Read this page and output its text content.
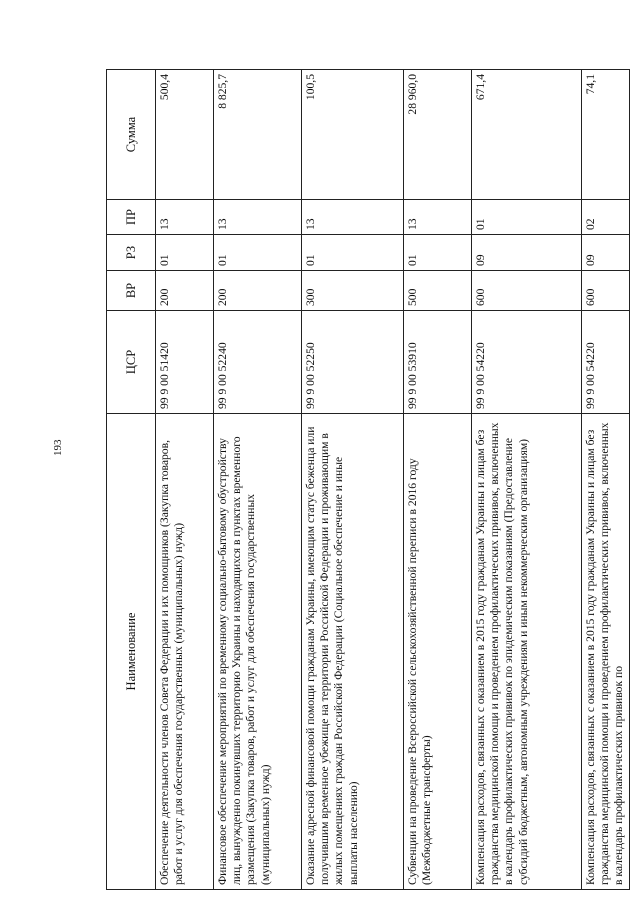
193
Наименование	ЦСР	ВР	РЗ	ПР	Сумма
Обеспечение деятельности членов Совета Федерации и их помощников (Закупка товаров, работ и услуг для обеспечения государственных (муниципальных) нужд)	99 9 00 51420	200	01	13	500,4
Финансовое обеспечение мероприятий по временному социально-бытовому обустройству лиц, вынужденно покинувших территорию Украины и находящихся в пунктах временного размещения (Закупка товаров, работ и услуг для обеспечения государственных (муниципальных) нужд)	99 9 00 52240	200	01	13	8 825,7
Оказание адресной финансовой помощи гражданам Украины, имеющим статус беженца или получившим временное убежище на территории Российской Федерации и проживающим в жилых помещениях граждан Российской Федерации (Социальное обеспечение и иные выплаты населению)	99 9 00 52250	300	01	13	100,5
Субвенции на проведение Всероссийской сельскохозяйственной переписи в 2016 году (Межбюджетные трансферты)	99 9 00 53910	500	01	13	28 960,0
Компенсация расходов, связанных с оказанием в 2015 году гражданам Украины и лицам без гражданства медицинской помощи и проведением профилактических прививок, включенных в календарь профилактических прививок по эпидемическим показаниям (Предоставление субсидий бюджетным, автономным учреждениям и иным некоммерческим организациям)	99 9 00 54220	600	09	01	671,4
Компенсация расходов, связанных с оказанием в 2015 году гражданам Украины и лицам без гражданства медицинской помощи и проведением профилактических прививок, включенных в календарь профилактических прививок по	99 9 00 54220	600	09	02	74,1
